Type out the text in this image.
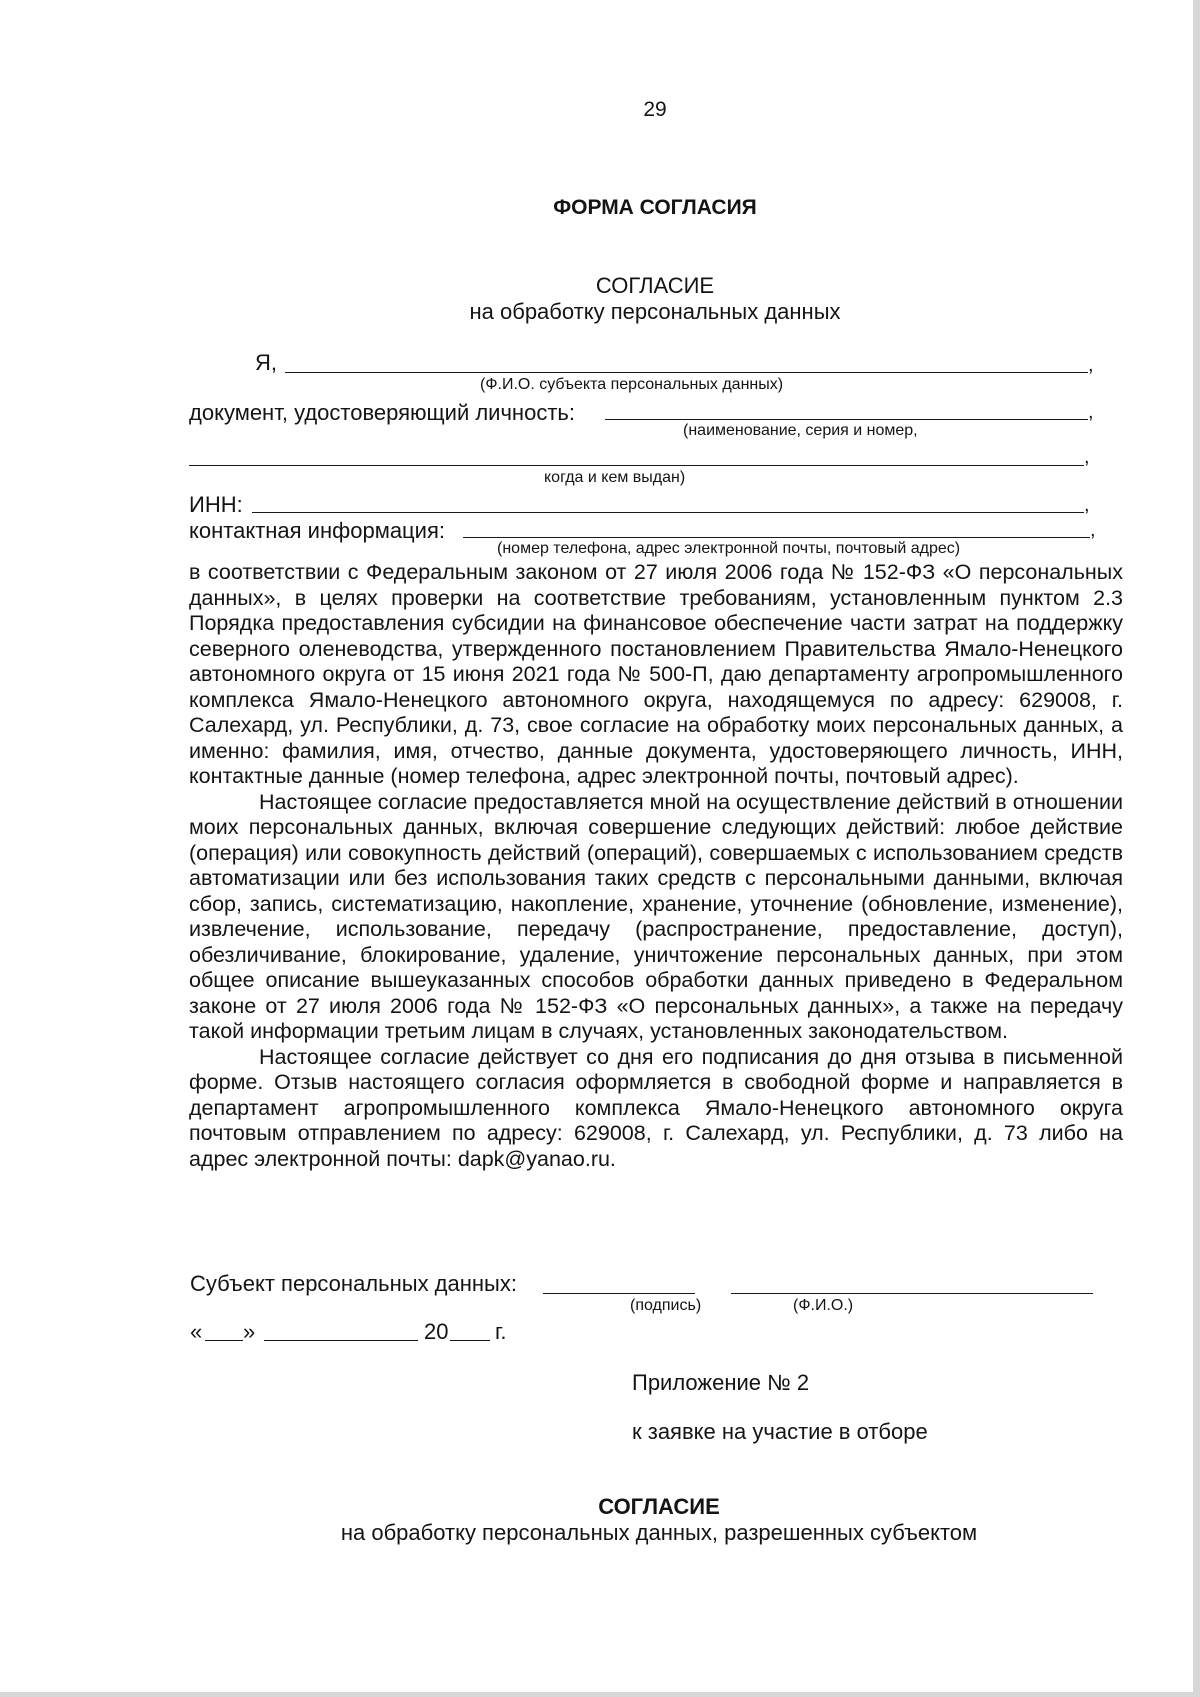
29
ФОРМА СОГЛАСИЯ
СОГЛАСИЕ
на обработку персональных данных
Я,	,
(Ф.И.О. субъекта персональных данных)
документ, удостоверяющий личность:	,
(наименование, серия и номер,
,
когда и кем выдан)
ИНН:	,
контактная информация:	,
(номер телефона, адрес электронной почты, почтовый адрес)

в соответствии с Федеральным законом от 27 июля 2006 года № 152-ФЗ «О персональных данных», в целях проверки на соответствие требованиям, установленным пунктом 2.3 Порядка предоставления субсидии на финансовое обеспечение части затрат на поддержку северного оленеводства, утвержденного постановлением Правительства Ямало-Ненецкого автономного округа от 15 июня 2021 года № 500-П, даю департаменту агропромышленного комплекса Ямало-Ненецкого автономного округа, находящемуся по адресу: 629008, г. Салехард, ул. Республики, д. 73, свое согласие на обработку моих персональных данных, а именно: фамилия, имя, отчество, данные документа, удостоверяющего личность, ИНН, контактные данные (номер телефона, адрес электронной почты, почтовый адрес).

Настоящее согласие предоставляется мной на осуществление действий в отношении моих персональных данных, включая совершение следующих действий: любое действие (операция) или совокупность действий (операций), совершаемых с использованием средств автоматизации или без использования таких средств с персональными данными, включая сбор, запись, систематизацию, накопление, хранение, уточнение (обновление, изменение), извлечение, использование, передачу (распространение, предоставление, доступ), обезличивание, блокирование, удаление, уничтожение персональных данных, при этом общее описание вышеуказанных способов обработки данных приведено в Федеральном законе от 27 июля 2006 года № 152-ФЗ «О персональных данных», а также на передачу такой информации третьим лицам в случаях, установленных законодательством.

Настоящее согласие действует со дня его подписания до дня отзыва в письменной форме. Отзыв настоящего согласия оформляется в свободной форме и направляется в департамент агропромышленного комплекса Ямало-Ненецкого автономного округа почтовым отправлением по адресу: 629008, г. Салехард, ул. Республики, д. 73 либо на адрес электронной почты: dapk@yanao.ru.

Субъект персональных данных:
(подпись)	(Ф.И.О.)
« »	20 г.
Приложение № 2
к заявке на участие в отборе
СОГЛАСИЕ
на обработку персональных данных, разрешенных субъектом
